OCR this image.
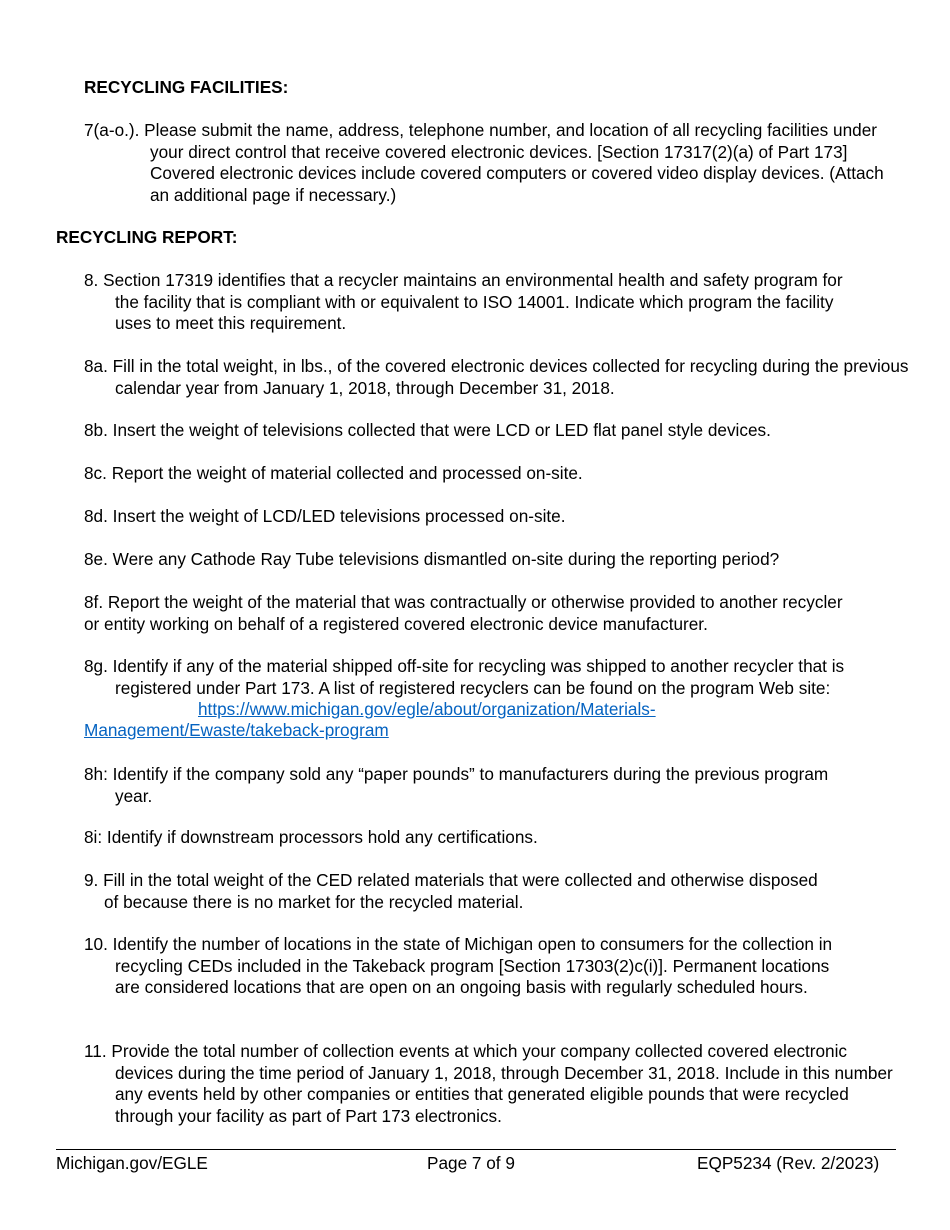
RECYCLING FACILITIES:
7(a-o.). Please submit the name, address, telephone number, and location of all recycling facilities under your direct control that receive covered electronic devices. [Section 17317(2)(a) of Part 173] Covered electronic devices include covered computers or covered video display devices. (Attach an additional page if necessary.)
RECYCLING REPORT:
8. Section 17319 identifies that a recycler maintains an environmental health and safety program for the facility that is compliant with or equivalent to ISO 14001. Indicate which program the facility uses to meet this requirement.
8a. Fill in the total weight, in lbs., of the covered electronic devices collected for recycling during the previous calendar year from January 1, 2018, through December 31, 2018.
8b. Insert the weight of televisions collected that were LCD or LED flat panel style devices.
8c. Report the weight of material collected and processed on-site.
8d. Insert the weight of LCD/LED televisions processed on-site.
8e. Were any Cathode Ray Tube televisions dismantled on-site during the reporting period?
8f. Report the weight of the material that was contractually or otherwise provided to another recycler or entity working on behalf of a registered covered electronic device manufacturer.
8g. Identify if any of the material shipped off-site for recycling was shipped to another recycler that is registered under Part 173. A list of registered recyclers can be found on the program Web site:
https://www.michigan.gov/egle/about/organization/Materials-
Management/Ewaste/takeback-program
8h: Identify if the company sold any “paper pounds” to manufacturers during the previous program year.
8i: Identify if downstream processors hold any certifications.
9. Fill in the total weight of the CED related materials that were collected and otherwise disposed of because there is no market for the recycled material.
10. Identify the number of locations in the state of Michigan open to consumers for the collection in recycling CEDs included in the Takeback program [Section 17303(2)c(i)]. Permanent locations are considered locations that are open on an ongoing basis with regularly scheduled hours.
11. Provide the total number of collection events at which your company collected covered electronic devices during the time period of January 1, 2018, through December 31, 2018. Include in this number any events held by other companies or entities that generated eligible pounds that were recycled through your facility as part of Part 173 electronics.
Michigan.gov/EGLE	Page 7 of 9	EQP5234 (Rev. 2/2023)
